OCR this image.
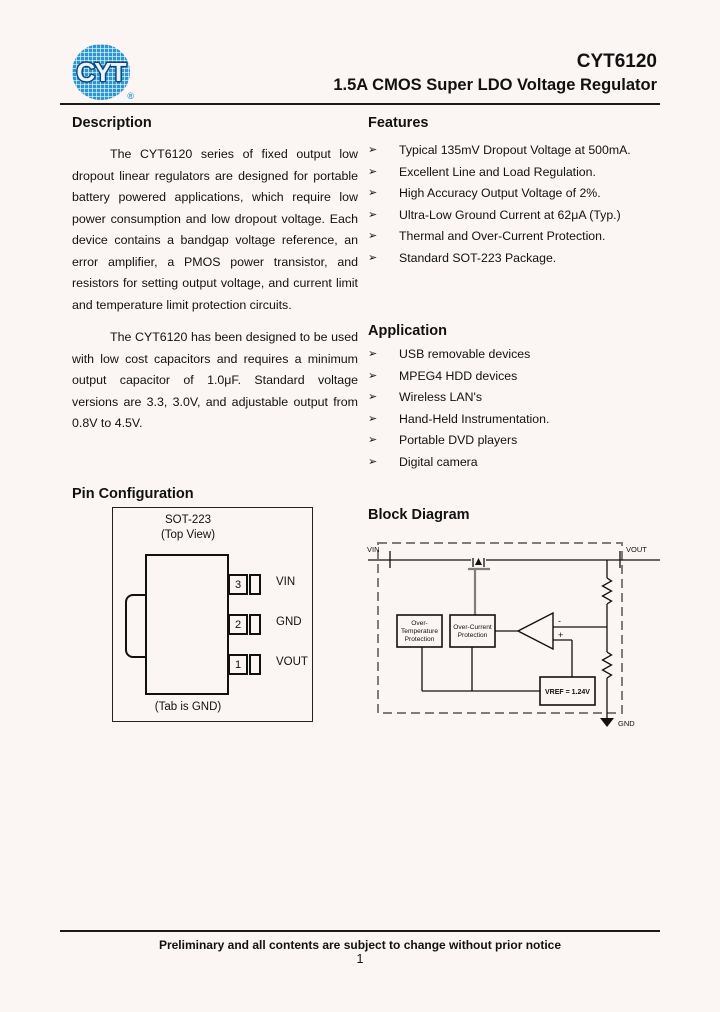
CYT
®
CYT6120
1.5A CMOS Super LDO Voltage Regulator
Description

The CYT6120 series of fixed output low dropout linear regulators are designed for portable battery powered applications, which require low power consumption and low dropout voltage. Each device contains a bandgap voltage reference, an error amplifier, a PMOS power transistor, and resistors for setting output voltage, and current limit and temperature limit protection circuits.

The CYT6120 has been designed to be used with low cost capacitors and requires a minimum output capacitor of 1.0μF. Standard voltage versions are 3.3, 3.0V, and adjustable output from 0.8V to 4.5V.

Features
➢	Typical 135mV Dropout Voltage at 500mA.
➢	Excellent Line and Load Regulation.
➢	High Accuracy Output Voltage of 2%.
➢	Ultra-Low Ground Current at 62μA (Typ.)
➢	Thermal and Over-Current Protection.
➢	Standard SOT-223 Package.
Application
➢	USB removable devices
➢	MPEG4 HDD devices
➢	Wireless LAN's
➢	Hand-Held Instrumentation.
➢	Portable DVD players
➢	Digital camera
Pin Configuration
SOT-223
(Top View)
3	VIN
2	GND
1	VOUT
(Tab is GND)
Block Diagram
VIN	VOUT
GND
-
+
Over-
Temperature
Protection
Over-Current
Protection
VREF = 1.24V
Preliminary and all contents are subject to change without prior notice
1
